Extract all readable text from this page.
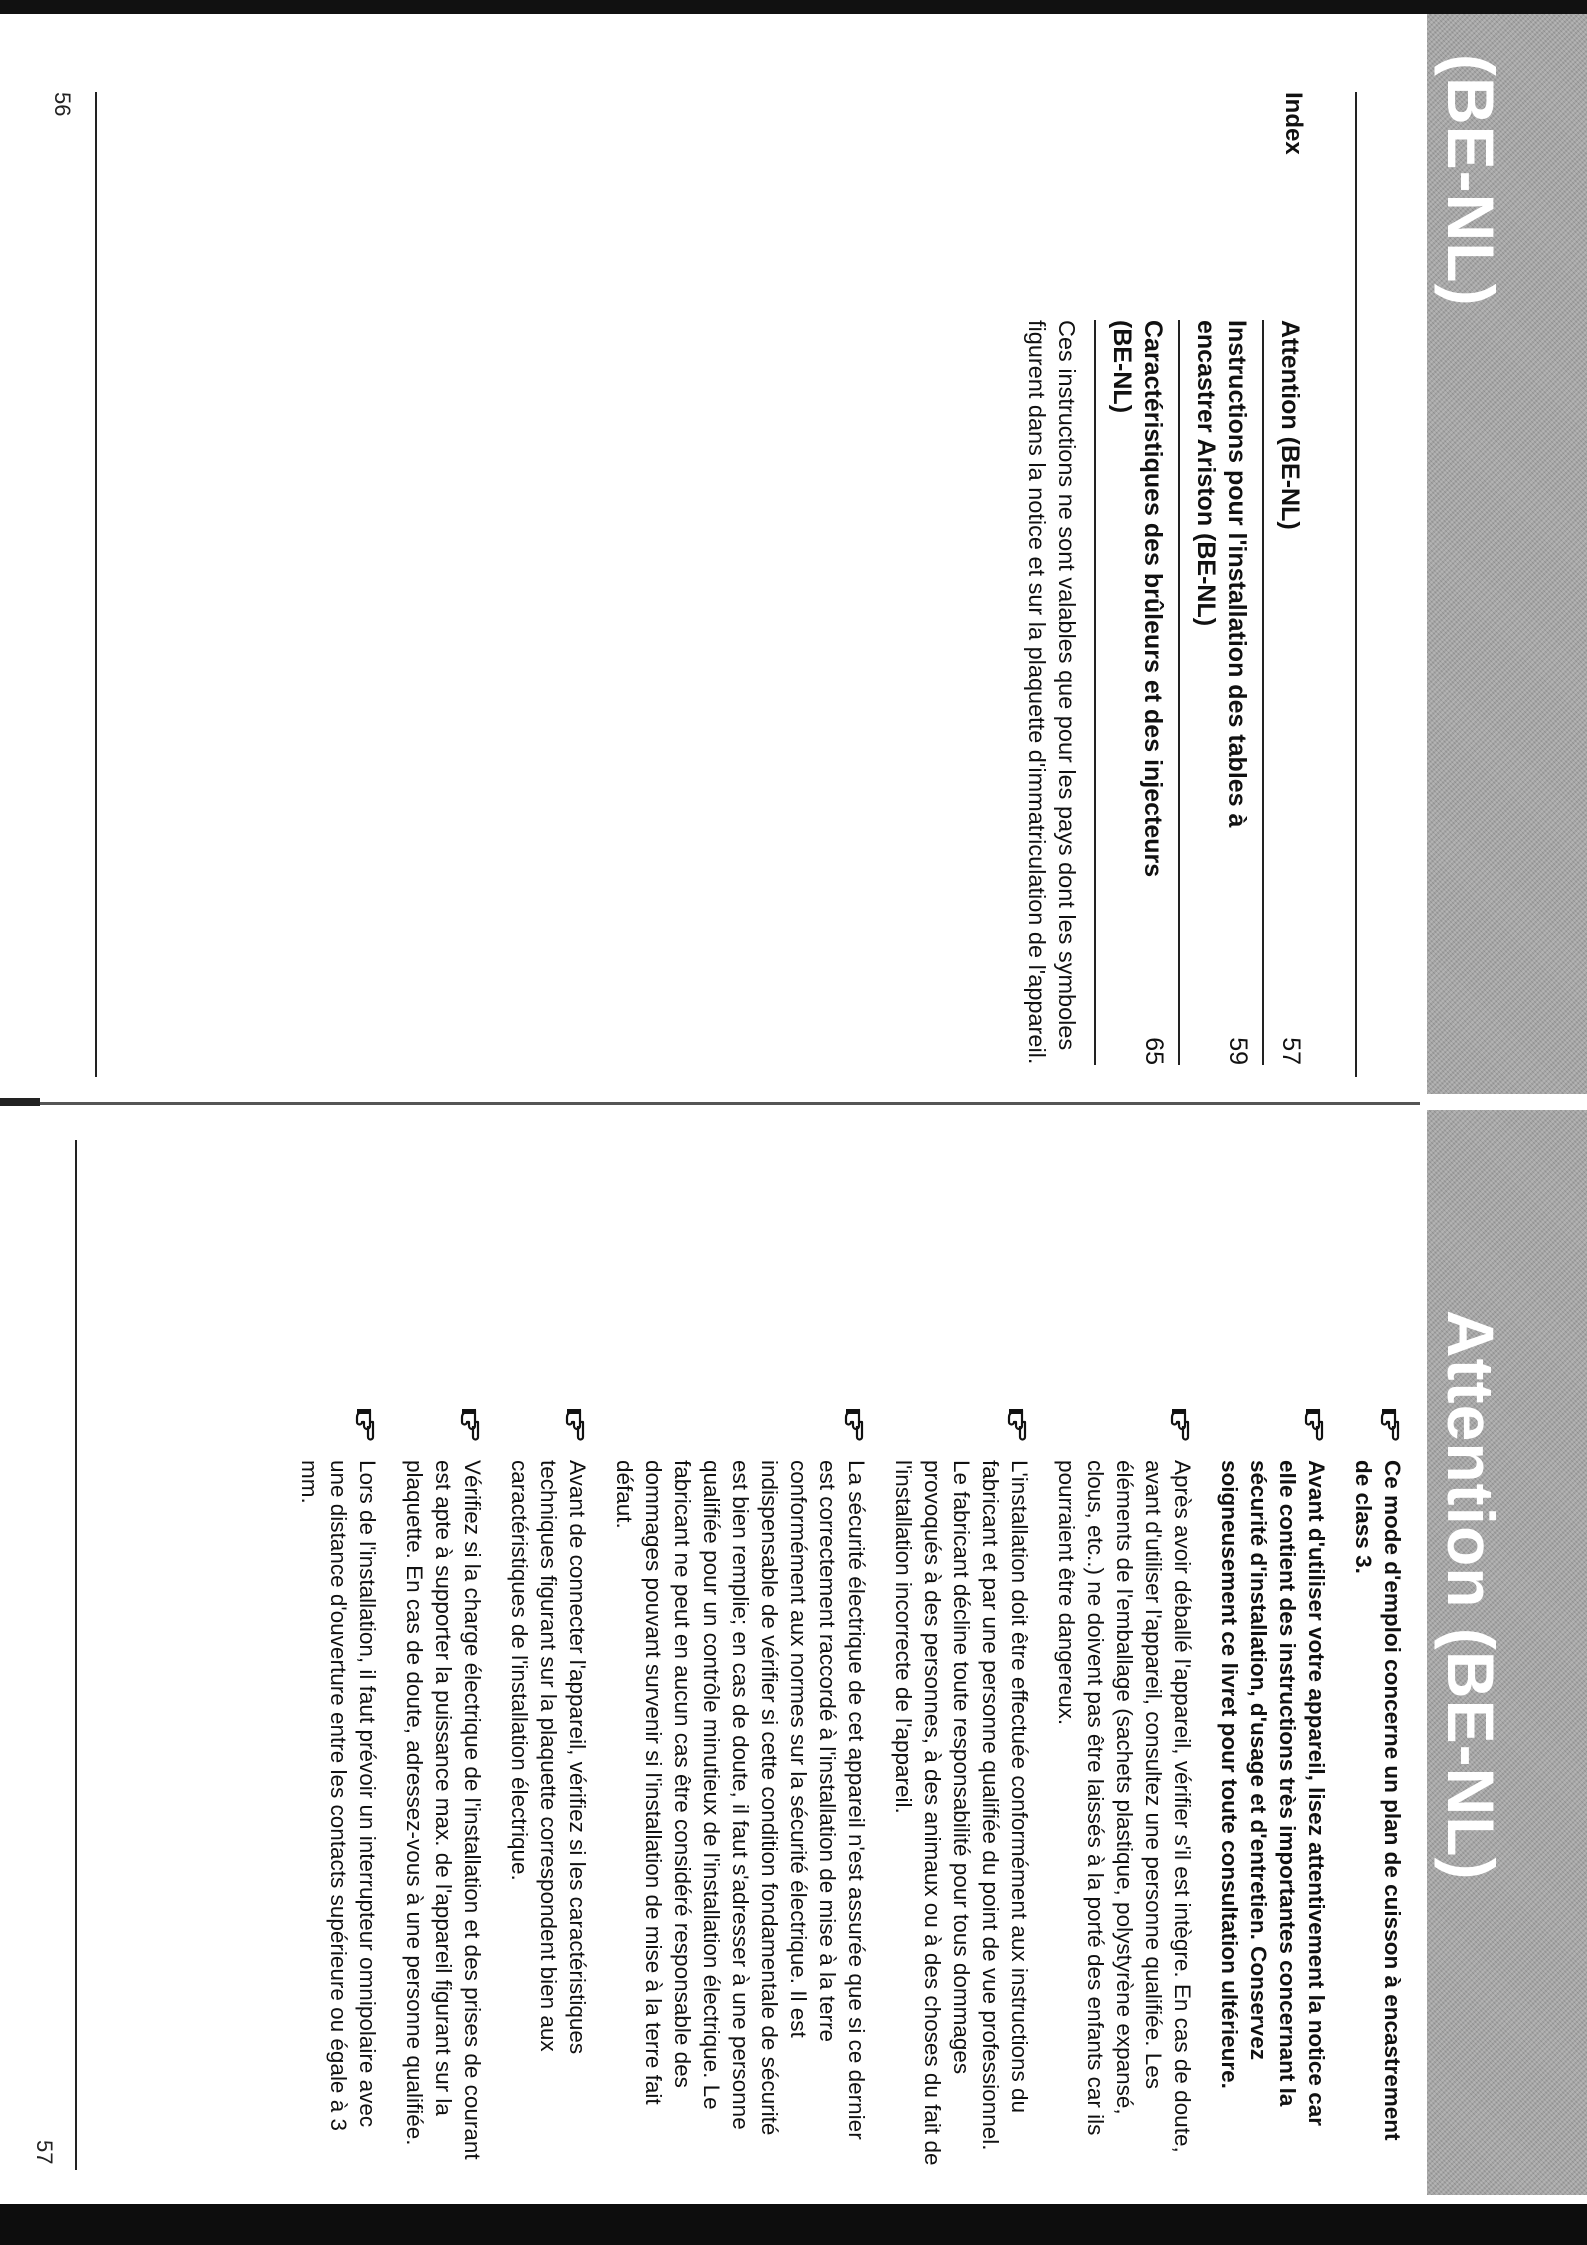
(BE-NL)
Index
Attention (BE-NL)
57
Instructions pour l'installation des tables à encastrer Ariston (BE-NL)
59
Caractéristiques des brûleurs et des injecteurs (BE-NL)
65
Ces instructions ne sont valables que pour les pays dont les symboles figurent dans la notice et sur la plaquette d'immatriculation de l'appareil.
56
Attention (BE-NL)
Ce mode d'emploi concerne un plan de cuisson à encastrement de class 3.
Avant d'utiliser votre appareil, lisez attentivement la notice car elle contient des instructions très importantes concernant la sécurité d'installation, d'usage et d'entretien. Conservez soigneusement ce livret pour toute consultation ultérieure.
Après avoir déballé l'appareil, vérifier s'il est intègre. En cas de doute, avant d'utiliser l'appareil, consultez une personne qualifiée. Les éléments de l'emballage (sachets plastique, polystyrène expansé, clous, etc..) ne doivent pas être laissés à la porté des enfants car ils pourraient être dangereux.
L'installation doit être effectuée conformément aux instructions du fabricant et par une personne qualifiée du point de vue professionnel. Le fabricant décline toute responsabilité pour tous dommages provoqués à des personnes, à des animaux ou à des choses du fait de l'installation incorrecte de l'appareil.
La sécurité électrique de cet appareil n'est assurée que si ce dernier est correctement raccordé à l'installation de mise à la terre conformément aux normes sur la sécurité électrique. Il est indispensable de vérifier si cette condition fondamentale de sécurité est bien remplie; en cas de doute, il faut s'adresser à une personne qualifiée pour un contrôle minutieux de l'installation électrique. Le fabricant ne peut en aucun cas être considéré responsable des dommages pouvant survenir si l'installation de mise à la terre fait défaut.
Avant de connecter l'appareil, vérifiez si les caractéristiques techniques figurant sur la plaquette correspondent bien aux caractéristiques de l'installation électrique.
Vérifiez si la charge électrique de l'installation et des prises de courant est apte à supporter la puissance max. de l'appareil figurant sur la plaquette. En cas de doute, adressez-vous à une personne qualifiée.
Lors de l'installation, il faut prévoir un interrupteur omnipolaire avec une distance d'ouverture entre les contacts supérieure ou égale à 3 mm.
57
